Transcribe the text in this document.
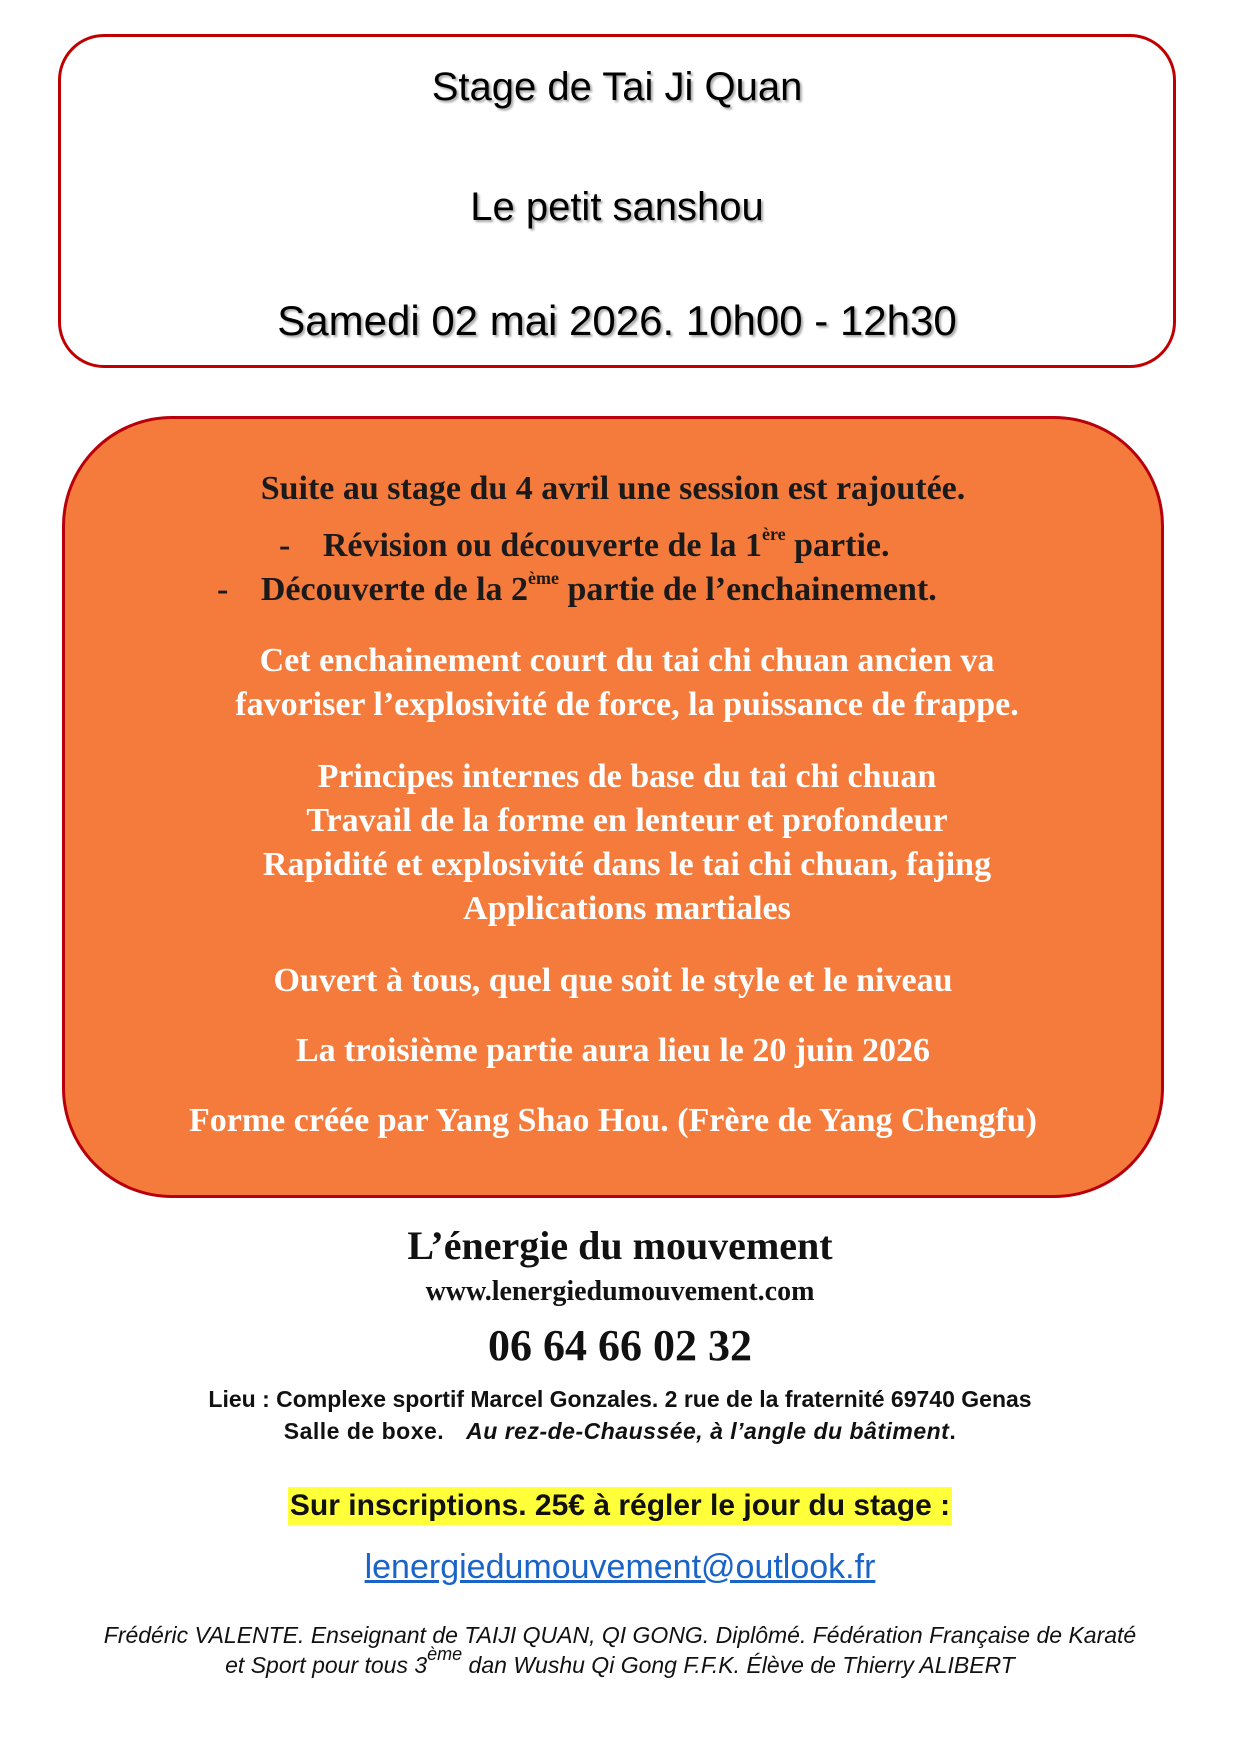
Stage de Tai Ji Quan
Le petit sanshou
Samedi 02 mai 2026. 10h00 - 12h30
Suite au stage du 4 avril une session est rajoutée.
- Révision ou découverte de la 1ère partie.
- Découverte de la 2ème partie de l’enchainement.
Cet enchainement court du tai chi chuan ancien va
favoriser l’explosivité de force, la puissance de frappe.
Principes internes de base du tai chi chuan
Travail de la forme en lenteur et profondeur
Rapidité et explosivité dans le tai chi chuan, fajing
Applications martiales
Ouvert à tous, quel que soit le style et le niveau
La troisième partie aura lieu le 20 juin 2026
Forme créée par Yang Shao Hou. (Frère de Yang Chengfu)
L’énergie du mouvement
www.lenergiedumouvement.com
06 64 66 02 32
Lieu : Complexe sportif Marcel Gonzales. 2 rue de la fraternité 69740 Genas
Salle de boxe. Au rez-de-Chaussée, à l’angle du bâtiment.
Sur inscriptions. 25€ à régler le jour du stage :
lenergiedumouvement@outlook.fr
Frédéric VALENTE. Enseignant de TAIJI QUAN, QI GONG. Diplômé. Fédération Française de Karaté
et Sport pour tous 3ème dan Wushu Qi Gong F.F.K. Élève de Thierry ALIBERT
